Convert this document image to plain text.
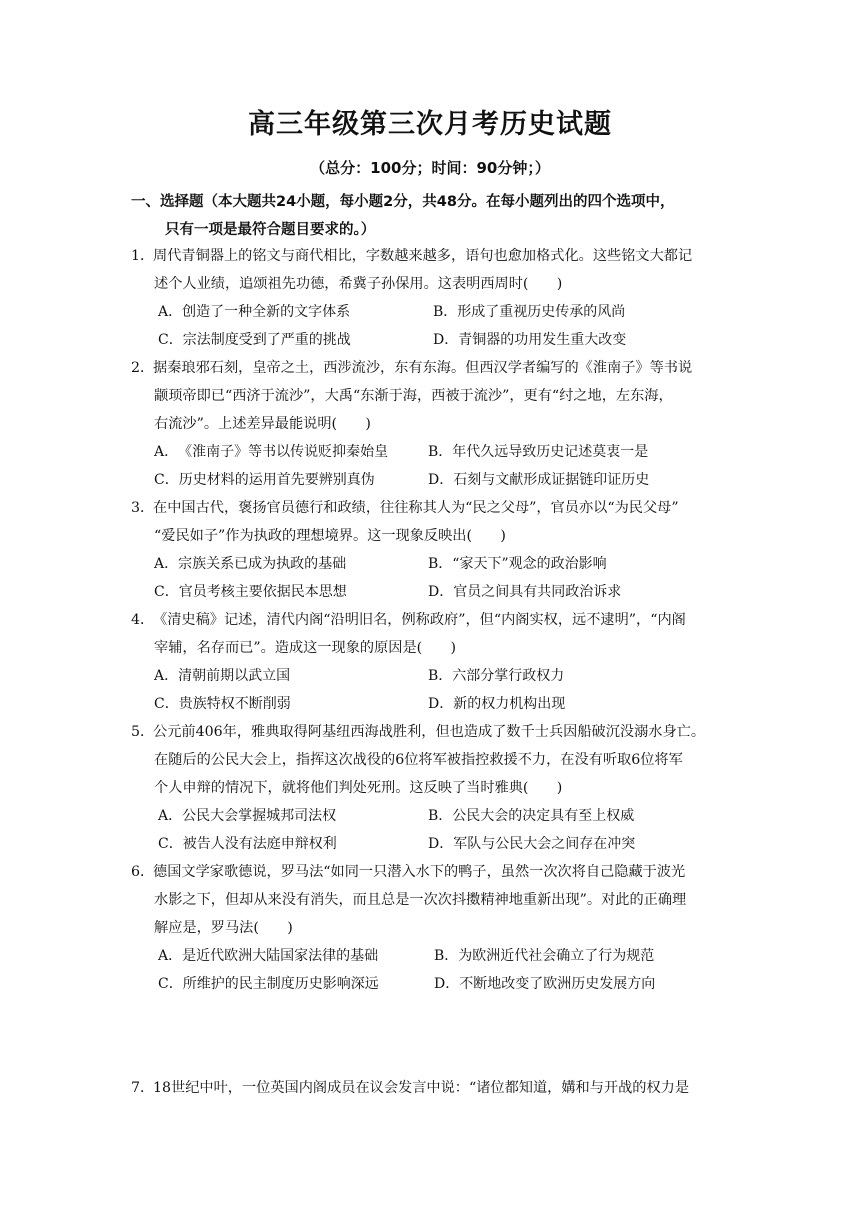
高三年级第三次月考历史试题
（总分：100分；时间：90分钟；）
一、选择题（本大题共24小题，每小题2分，共48分。在每小题列出的四个选项中，
只有一项是最符合题目要求的。）
1．周代青铜器上的铭文与商代相比，字数越来越多，语句也愈加格式化。这些铭文大都记
述个人业绩，追颂祖先功德，希冀子孙保用。这表明西周时(　　)
A．创造了一种全新的文字体系	B．形成了重视历史传承的风尚
C．宗法制度受到了严重的挑战	D．青铜器的功用发生重大改变
2．据秦琅邪石刻，皇帝之土，西涉流沙，东有东海。但西汉学者编写的《淮南子》等书说
颛顼帝即已“西济于流沙”，大禹“东渐于海，西被于流沙”，更有“纣之地，左东海，
右流沙”。上述差异最能说明(　　)
A．《淮南子》等书以传说贬抑秦始皇	B．年代久远导致历史记述莫衷一是
C．历史材料的运用首先要辨别真伪	D．石刻与文献形成证据链印证历史
3．在中国古代，褒扬官员德行和政绩，往往称其人为“民之父母”，官员亦以“为民父母”
“爱民如子”作为执政的理想境界。这一现象反映出(　　)
A．宗族关系已成为执政的基础	B．“家天下”观念的政治影响
C．官员考核主要依据民本思想	D．官员之间具有共同政治诉求
4．《清史稿》记述，清代内阁“沿明旧名，例称政府”，但“内阁实权，远不逮明”，“内阁
宰辅，名存而已”。造成这一现象的原因是(　　)
A．清朝前期以武立国	B．六部分掌行政权力
C．贵族特权不断削弱	D．新的权力机构出现
5．公元前406年，雅典取得阿基纽西海战胜利，但也造成了数千士兵因船破沉没溺水身亡。
在随后的公民大会上，指挥这次战役的6位将军被指控救援不力，在没有听取6位将军
个人申辩的情况下，就将他们判处死刑。这反映了当时雅典(　　)
A．公民大会掌握城邦司法权	B．公民大会的决定具有至上权威
C．被告人没有法庭申辩权利	D．军队与公民大会之间存在冲突
6．德国文学家歌德说，罗马法“如同一只潜入水下的鸭子，虽然一次次将自己隐藏于波光
水影之下，但却从来没有消失，而且总是一次次抖擞精神地重新出现”。对此的正确理
解应是，罗马法(　　)
A．是近代欧洲大陆国家法律的基础	B．为欧洲近代社会确立了行为规范
C．所维护的民主制度历史影响深远	D．不断地改变了欧洲历史发展方向
7．18世纪中叶，一位英国内阁成员在议会发言中说：“诸位都知道，媾和与开战的权力是
